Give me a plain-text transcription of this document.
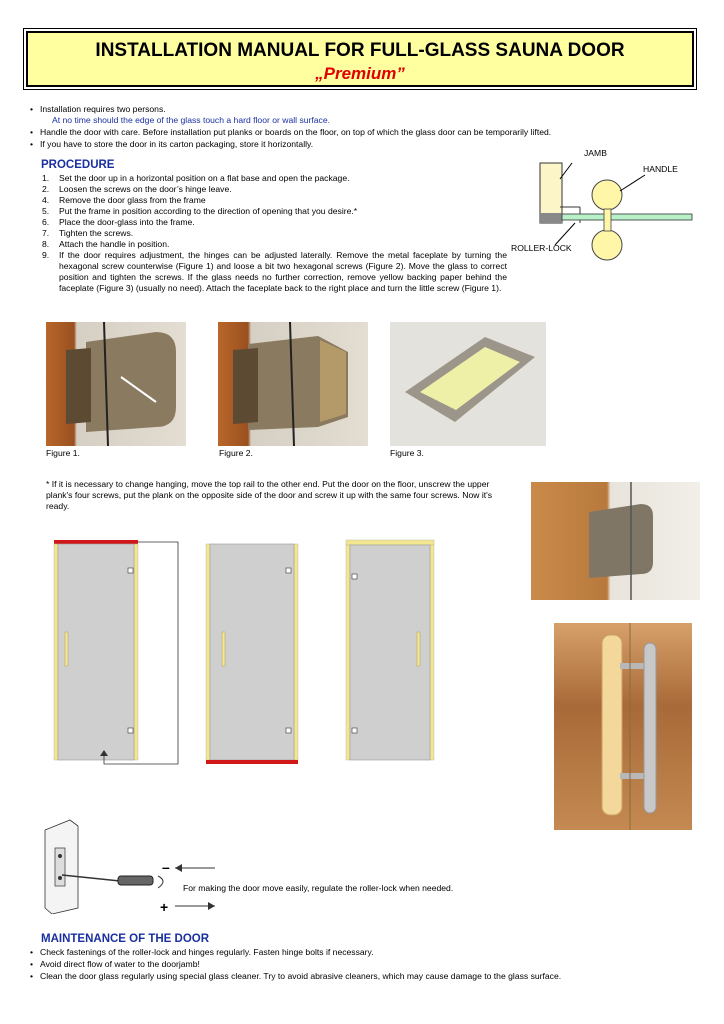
INSTALLATION MANUAL FOR FULL-GLASS SAUNA DOOR
„Premium”
• Installation requires two persons.
At no time should the edge of the glass touch a hard floor or wall surface.
• Handle the door with care. Before installation put planks or boards on the floor, on top of which the glass door can be temporarily lifted.
• If you have to store the door in its carton packaging, store it horizontally.
PROCEDURE
1. Set the door up in a horizontal position on a flat base and open the package.
2. Loosen the screws on the door’s hinge leave.
4. Remove the door glass from the frame
5. Put the frame in position according to the direction of opening that you desire.*
6. Place the door-glass into the frame.
7. Tighten the screws.
8. Attach the handle in position.
9. If the door requires adjustment, the hinges can be adjusted laterally. Remove the metal faceplate by turning the hexagonal screw counterwise (Figure 1) and loose a bit two hexagonal screws (Figure 2). Move the glass to correct position and tighten the screws. If the glass needs no further correction, remove yellow backing paper behind the faceplate (Figure 3) (usually no need). Attach the faceplate back to the right place and turn the little screw (Figure 1).
JAMB
HANDLE
ROLLER-LOCK
Figure 1.	Figure 2.	Figure 3.
* If it is necessary to change hanging, move the top rail to the other end. Put the door on the floor, unscrew the upper plank's four screws, put the plank on the opposite side of the door and screw it up with the same four screws. Now it's ready.
–
+
For making the door move easily, regulate the roller-lock when needed.
MAINTENANCE OF THE DOOR
• Check fastenings of the roller-lock and hinges regularly. Fasten hinge bolts if necessary.
• Avoid direct flow of water to the doorjamb!
• Clean the door glass regularly using special glass cleaner. Try to avoid abrasive cleaners, which may cause damage to the glass surface.
